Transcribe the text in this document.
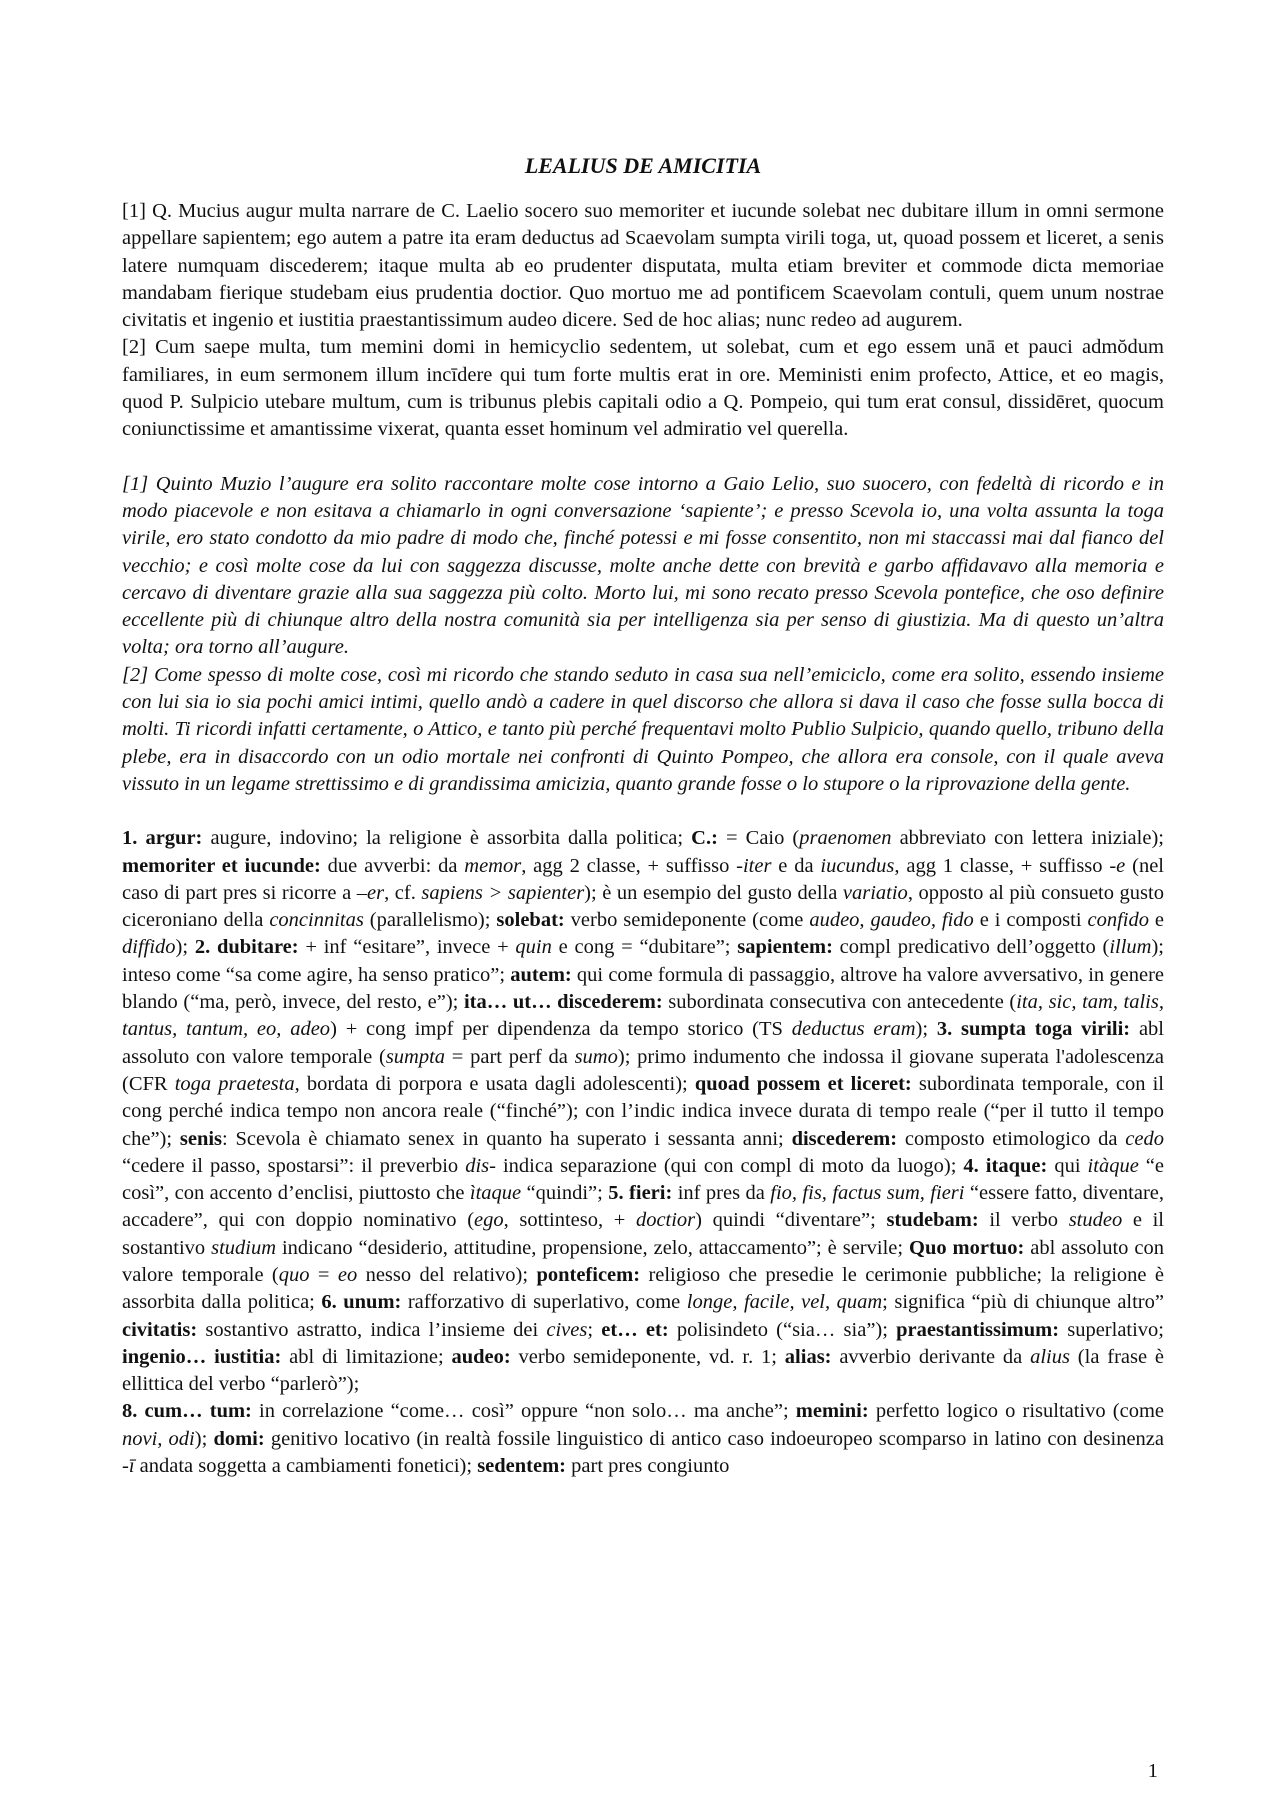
LEALIUS DE AMICITIA

[1] Q. Mucius augur multa narrare de C. Laelio socero suo memoriter et iucunde solebat nec dubitare illum in omni sermone appellare sapientem; ego autem a patre ita eram deductus ad Scaevolam sumpta virili toga, ut, quoad possem et liceret, a senis latere numquam discederem; itaque multa ab eo prudenter disputata, multa etiam breviter et commode dicta memoriae mandabam fierique studebam eius prudentia doctior. Quo mortuo me ad pontificem Scaevolam contuli, quem unum nostrae civitatis et ingenio et iustitia praestantissimum audeo dicere. Sed de hoc alias; nunc redeo ad augurem.

[2] Cum saepe multa, tum memini domi in hemicyclio sedentem, ut solebat, cum et ego essem unā et pauci admŏdum familiares, in eum sermonem illum incīdere qui tum forte multis erat in ore. Meministi enim profecto, Attice, et eo magis, quod P. Sulpicio utebare multum, cum is tribunus plebis capitali odio a Q. Pompeio, qui tum erat consul, dissidēret, quocum coniunctissime et amantissime vixerat, quanta esset hominum vel admiratio vel querella.

[1] Quinto Muzio l’augure era solito raccontare molte cose intorno a Gaio Lelio, suo suocero, con fedeltà di ricordo e in modo piacevole e non esitava a chiamarlo in ogni conversazione ‘sapiente’; e presso Scevola io, una volta assunta la toga virile, ero stato condotto da mio padre di modo che, finché potessi e mi fosse consentito, non mi staccassi mai dal fianco del vecchio; e così molte cose da lui con saggezza discusse, molte anche dette con brevità e garbo affidavavo alla memoria e cercavo di diventare grazie alla sua saggezza più colto. Morto lui, mi sono recato presso Scevola pontefice, che oso definire eccellente più di chiunque altro della nostra comunità sia per intelligenza sia per senso di giustizia. Ma di questo un’altra volta; ora torno all’augure.

[2] Come spesso di molte cose, così mi ricordo che stando seduto in casa sua nell’emiciclo, come era solito, essendo insieme con lui sia io sia pochi amici intimi, quello andò a cadere in quel discorso che allora si dava il caso che fosse sulla bocca di molti. Ti ricordi infatti certamente, o Attico, e tanto più perché frequentavi molto Publio Sulpicio, quando quello, tribuno della plebe, era in disaccordo con un odio mortale nei confronti di Quinto Pompeo, che allora era console, con il quale aveva vissuto in un legame strettissimo e di grandissima amicizia, quanto grande fosse o lo stupore o la riprovazione della gente.

1. argur: augure, indovino; la religione è assorbita dalla politica; C.: = Caio (praenomen abbreviato con lettera iniziale); memoriter et iucunde: due avverbi: da memor, agg 2 classe, + suffisso -iter e da iucundus, agg 1 classe, + suffisso -e (nel caso di part pres si ricorre a –er, cf. sapiens > sapienter); è un esempio del gusto della variatio, opposto al più consueto gusto ciceroniano della concinnitas (parallelismo); solebat: verbo semideponente (come audeo, gaudeo, fido e i composti confido e diffido); 2. dubitare: + inf “esitare”, invece + quin e cong = “dubitare”; sapientem: compl predicativo dell’oggetto (illum); inteso come “sa come agire, ha senso pratico”; autem: qui come formula di passaggio, altrove ha valore avversativo, in genere blando (“ma, però, invece, del resto, e”); ita… ut… discederem: subordinata consecutiva con antecedente (ita, sic, tam, talis, tantus, tantum, eo, adeo) + cong impf per dipendenza da tempo storico (TS deductus eram); 3. sumpta toga virili: abl assoluto con valore temporale (sumpta = part perf da sumo); primo indumento che indossa il giovane superata l'adolescenza (CFR toga praetesta, bordata di porpora e usata dagli adolescenti); quoad possem et liceret: subordinata temporale, con il cong perché indica tempo non ancora reale (“finché”); con l’indic indica invece durata di tempo reale (“per il tutto il tempo che”); senis: Scevola è chiamato senex in quanto ha superato i sessanta anni; discederem: composto etimologico da cedo “cedere il passo, spostarsi”: il preverbio dis- indica separazione (qui con compl di moto da luogo); 4. itaque: qui itàque “e così”, con accento d’enclisi, piuttosto che ìtaque “quindi”; 5. fieri: inf pres da fio, fis, factus sum, fieri “essere fatto, diventare, accadere”, qui con doppio nominativo (ego, sottinteso, + doctior) quindi “diventare”; studebam: il verbo studeo e il sostantivo studium indicano “desiderio, attitudine, propensione, zelo, attaccamento”; è servile; Quo mortuo: abl assoluto con valore temporale (quo = eo nesso del relativo); ponteficem: religioso che presedie le cerimonie pubbliche; la religione è assorbita dalla politica; 6. unum: rafforzativo di superlativo, come longe, facile, vel, quam; significa “più di chiunque altro” civitatis: sostantivo astratto, indica l’insieme dei cives; et… et: polisindeto (“sia… sia”); praestantissimum: superlativo; ingenio… iustitia: abl di limitazione; audeo: verbo semideponente, vd. r. 1; alias: avverbio derivante da alius (la frase è ellittica del verbo “parlerò”);

8. cum… tum: in correlazione “come… così” oppure “non solo… ma anche”; memini: perfetto logico o risultativo (come novi, odi); domi: genitivo locativo (in realtà fossile linguistico di antico caso indoeuropeo scomparso in latino con desinenza -ī andata soggetta a cambiamenti fonetici); sedentem: part pres congiunto

1
